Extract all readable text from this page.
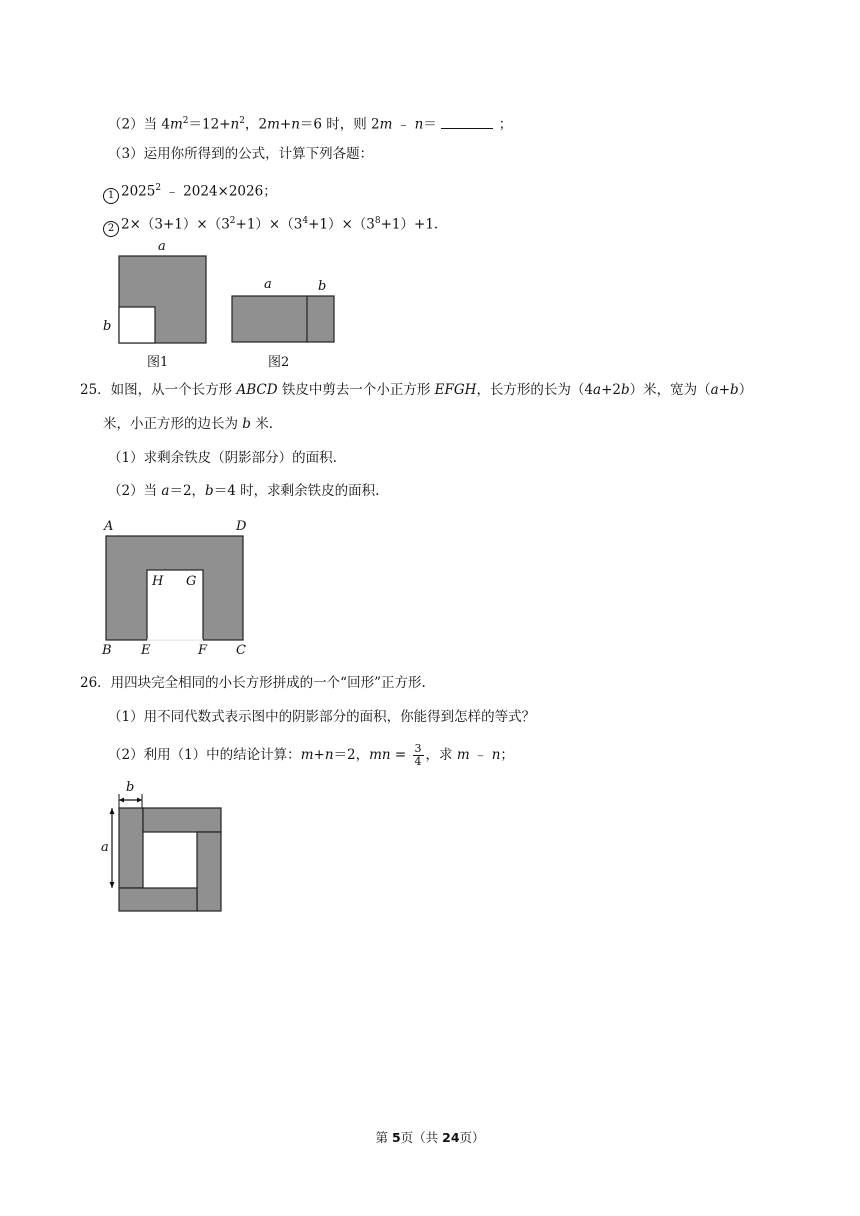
（2）当 $4m^2=12+n^2$，2m+n＝6 时，则 2m ﹣ n＝	；
（3）运用你所得到的公式，计算下列各题：
1 2025$^2$ ﹣ 2024×2026；
2 $2\times(3+1)\times(3^2+1)\times(3^4+1)\times(3^8+1)+1$.
a
b
图1
a	b
图2
25．如图，从一个长方形 ABCD 铁皮中剪去一个小正方形 EFGH，长方形的长为（4a+2b）米，宽为（a+b）
米，小正方形的边长为 b 米.
（1）求剩余铁皮（阴影部分）的面积.
（2）当 a＝2，b＝4 时，求剩余铁皮的面积.
A	D
H G
B E	F C
26．用四块完全相同的小长方形拼成的一个“回形”正方形.
（1）用不同代数式表示图中的阴影部分的面积，你能得到怎样的等式？
（2）利用（1）中的结论计算：m+n＝2，mn = $\frac{3}{4}$ ，求 m ﹣ n；
b
a
第 5页（共 24页）
